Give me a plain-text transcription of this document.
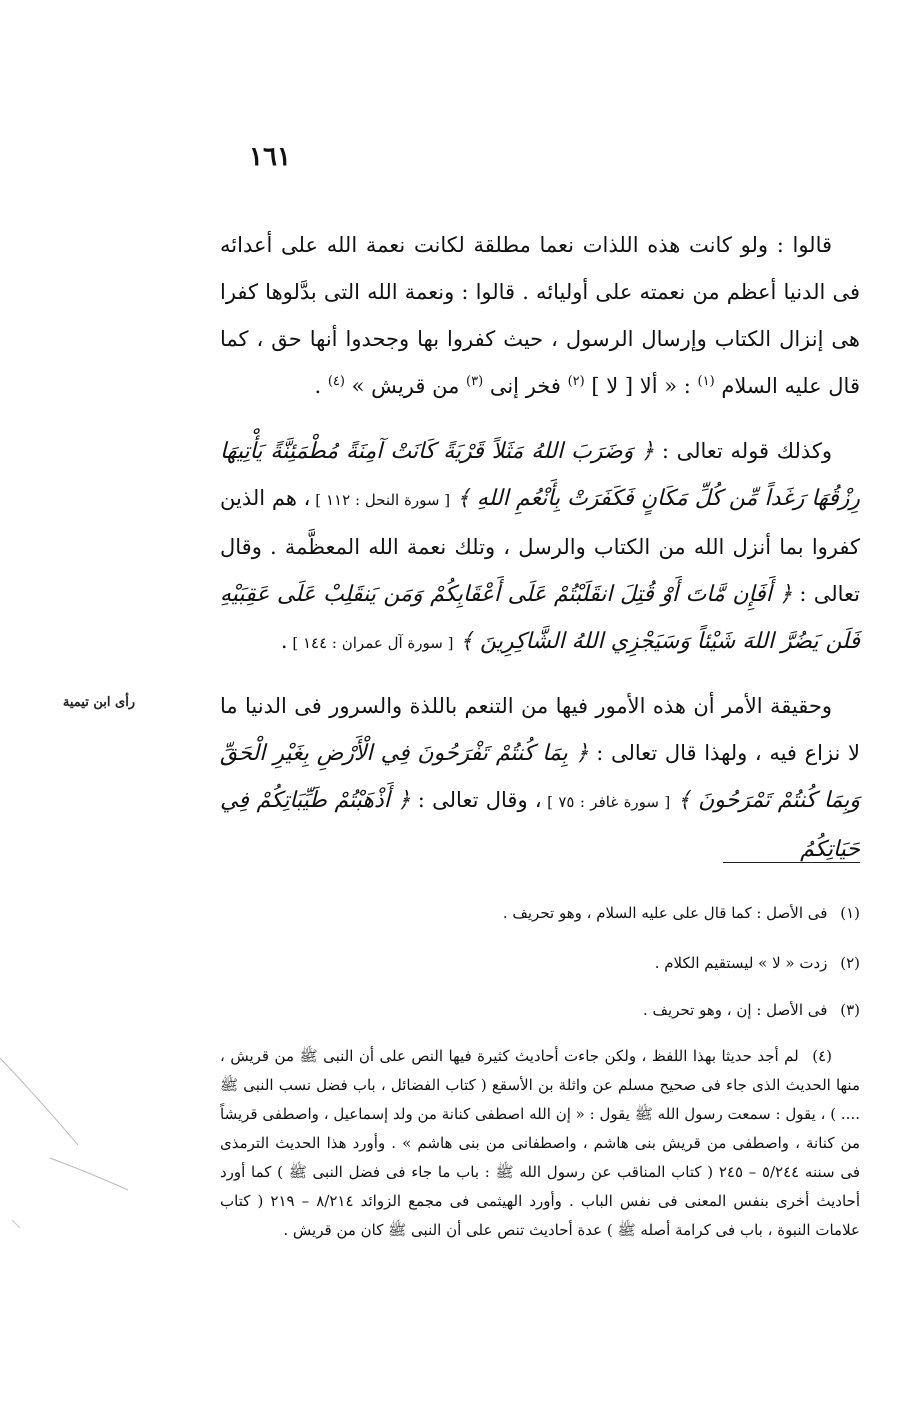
١٦١
رأى ابن تيمية

قالوا : ولو كانت هذه اللذات نعما مطلقة لكانت نعمة الله على أعدائه فى الدنيا أعظم من نعمته على أوليائه . قالوا : ونعمة الله التى بدَّلوها كفرا هى إنزال الكتاب وإرسال الرسول ، حيث كفروا بها وجحدوا أنها حق ، كما قال عليه السلام $^{(١)}$ : « ألا [ لا ] $^{(٢)}$ فخر إنى $^{(٣)}$ من قريش » $^{(٤)}$ .

وكذلك قوله تعالى : ﴿ وَضَرَبَ اللهُ مَثَلاً قَرْيَةً كَانَتْ آمِنَةً مُطْمَئِنَّةً يَأْتِيهَا رِزْقُهَا رَغَداً مِّن كُلِّ مَكَانٍ فَكَفَرَتْ بِأَنْعُمِ اللهِ ﴾ [ سورة النحل : ١١٢ ] ، هم الذين كفروا بما أنزل الله من الكتاب والرسل ، وتلك نعمة الله المعظَّمة . وقال تعالى : ﴿ أَفَإِن مَّاتَ أَوْ قُتِلَ انقَلَبْتُمْ عَلَى أَعْقَابِكُمْ وَمَن يَنقَلِبْ عَلَى عَقِبَيْهِ فَلَن يَضُرَّ اللهَ شَيْئاً وَسَيَجْزِي اللهُ الشَّاكِرِينَ ﴾ [ سورة آل عمران : ١٤٤ ] .

وحقيقة الأمر أن هذه الأمور فيها من التنعم باللذة والسرور فى الدنيا ما لا نزاع فيه ، ولهذا قال تعالى : ﴿ بِمَا كُنتُمْ تَفْرَحُونَ فِي الْأَرْضِ بِغَيْرِ الْحَقِّ وَبِمَا كُنتُمْ تَمْرَحُونَ ﴾ [ سورة غافر : ٧٥ ] ، وقال تعالى : ﴿ أَذْهَبْتُمْ طَيِّبَاتِكُمْ فِي حَيَاتِكُمُ

(١) فى الأصل : كما قال على عليه السلام ، وهو تحريف .

(٢) زدت « لا » ليستقيم الكلام .

(٣) فى الأصل : إن ، وهو تحريف .

(٤) لم أجد حديثا بهذا اللفظ ، ولكن جاءت أحاديث كثيرة فيها النص على أن النبى ﷺ من قريش ، منها الحديث الذى جاء فى صحيح مسلم عن واثلة بن الأسقع ( كتاب الفضائل ، باب فضل نسب النبى ﷺ .... ) ، يقول : سمعت رسول الله ﷺ يقول : « إن الله اصطفى كنانة من ولد إسماعيل ، واصطفى قريشاً من كنانة ، واصطفى من قريش بنى هاشم ، واصطفانى من بنى هاشم » . وأورد هذا الحديث الترمذى فى سننه ٥/٢٤٤ – ٢٤٥ ( كتاب المناقب عن رسول الله ﷺ : باب ما جاء فى فضل النبى ﷺ ) كما أورد أحاديث أخرى بنفس المعنى فى نفس الباب . وأورد الهيثمى فى مجمع الزوائد ٨/٢١٤ – ٢١٩ ( كتاب علامات النبوة ، باب فى كرامة أصله ﷺ ) عدة أحاديث تنص على أن النبى ﷺ كان من قريش .
